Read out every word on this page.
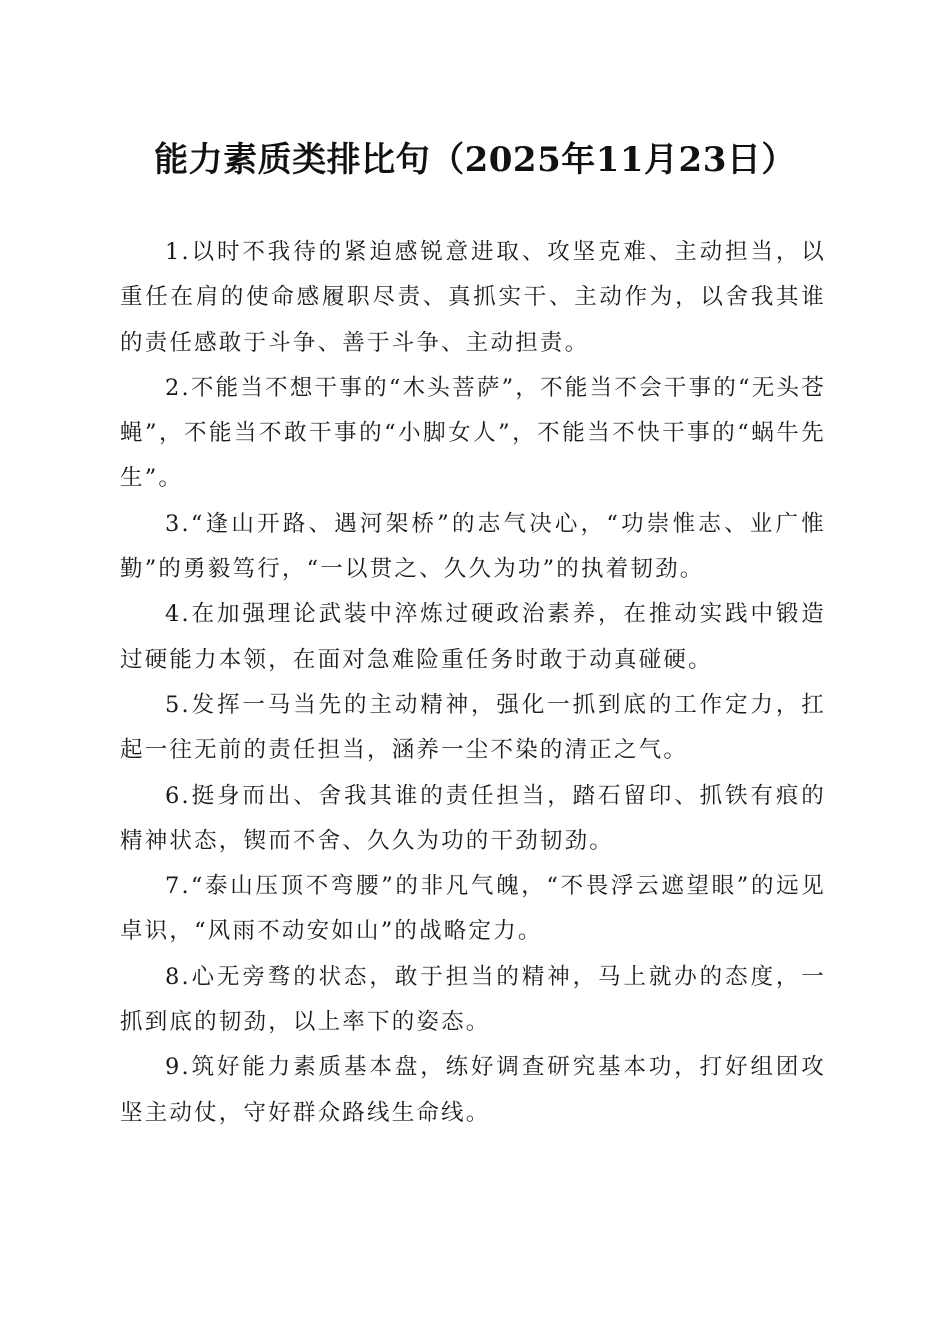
能力素质类排比句（2025年11月23日）

1.以时不我待的紧迫感锐意进取、攻坚克难、主动担当，以重任在肩的使命感履职尽责、真抓实干、主动作为，以舍我其谁的责任感敢于斗争、善于斗争、主动担责。

2.不能当不想干事的“木头菩萨”，不能当不会干事的“无头苍蝇”，不能当不敢干事的“小脚女人”，不能当不快干事的“蜗牛先生”。

3.“逢山开路、遇河架桥”的志气决心，“功崇惟志、业广惟勤”的勇毅笃行，“一以贯之、久久为功”的执着韧劲。

4.在加强理论武装中淬炼过硬政治素养，在推动实践中锻造过硬能力本领，在面对急难险重任务时敢于动真碰硬。

5.发挥一马当先的主动精神，强化一抓到底的工作定力，扛起一往无前的责任担当，涵养一尘不染的清正之气。

6.挺身而出、舍我其谁的责任担当，踏石留印、抓铁有痕的精神状态，锲而不舍、久久为功的干劲韧劲。

7.“泰山压顶不弯腰”的非凡气魄，“不畏浮云遮望眼”的远见卓识，“风雨不动安如山”的战略定力。

8.心无旁骛的状态，敢于担当的精神，马上就办的态度，一抓到底的韧劲，以上率下的姿态。

9.筑好能力素质基本盘，练好调查研究基本功，打好组团攻坚主动仗，守好群众路线生命线。
